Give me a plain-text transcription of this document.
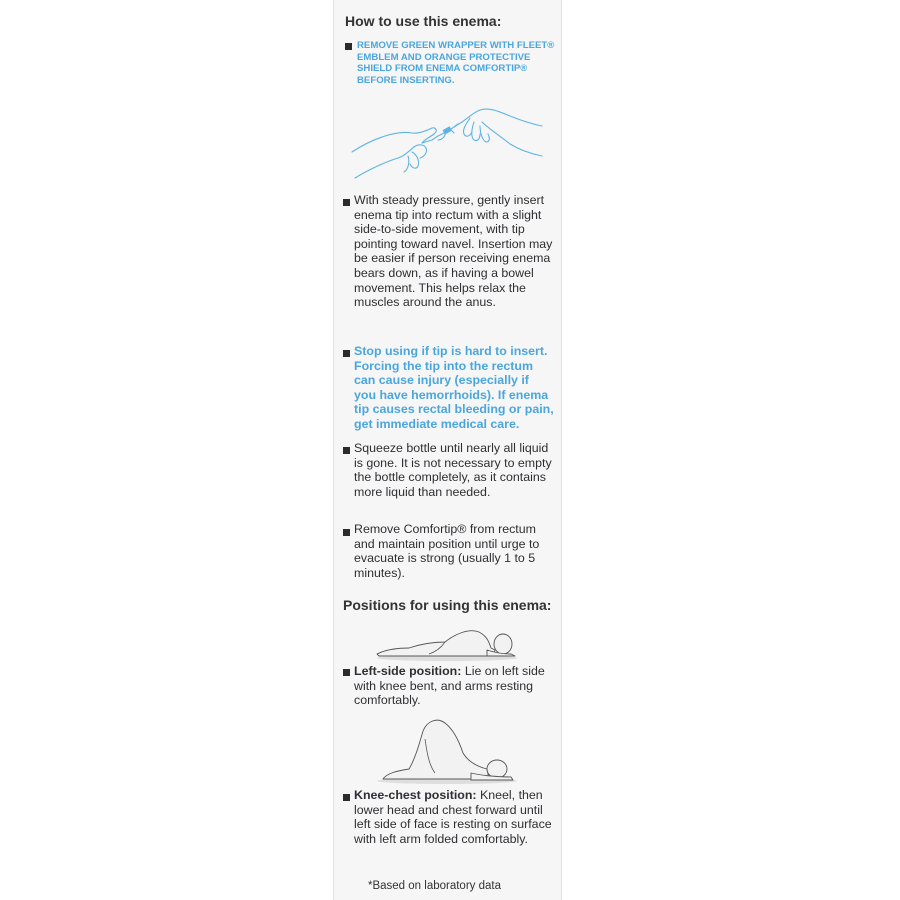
How to use this enema:
REMOVE GREEN WRAPPER WITH FLEET® EMBLEM AND ORANGE PROTECTIVE SHIELD FROM ENEMA COMFORTIP® BEFORE INSERTING.
With steady pressure, gently insert enema tip into rectum with a slight side-to-side movement, with tip pointing toward navel. Insertion may be easier if person receiving enema bears down, as if having a bowel movement. This helps relax the muscles around the anus.
Stop using if tip is hard to insert. Forcing the tip into the rectum can cause injury (especially if you have hemorrhoids). If enema tip causes rectal bleeding or pain, get immediate medical care.
Squeeze bottle until nearly all liquid is gone. It is not necessary to empty the bottle completely, as it contains more liquid than needed.
Remove Comfortip® from rectum and maintain position until urge to evacuate is strong (usually 1 to 5 minutes).
Positions for using this enema:
Left-side position: Lie on left side with knee bent, and arms resting comfortably.
Knee-chest position: Kneel, then lower head and chest forward until left side of face is resting on surface with left arm folded comfortably.
*Based on laboratory data
